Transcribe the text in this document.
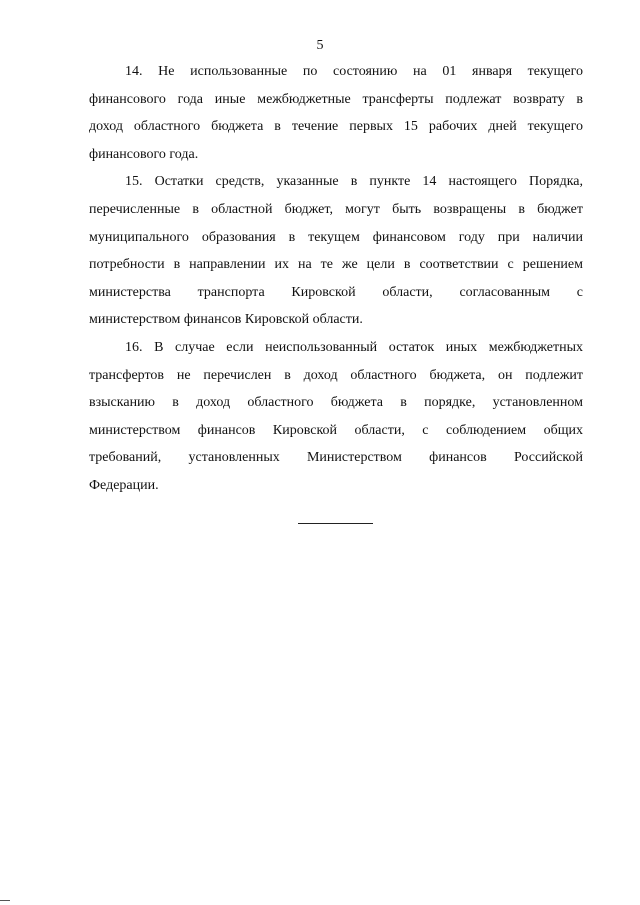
5
14. Не использованные по состоянию на 01 января текущего
финансового года иные межбюджетные трансферты подлежат возврату в
доход областного бюджета в течение первых 15 рабочих дней текущего
финансового года.
15. Остатки средств, указанные в пункте 14 настоящего Порядка,
перечисленные в областной бюджет, могут быть возвращены в бюджет
муниципального образования в текущем финансовом году при наличии
потребности в направлении их на те же цели в соответствии с решением
министерства транспорта Кировской области, согласованным с
министерством финансов Кировской области.
16. В случае если неиспользованный остаток иных межбюджетных
трансфертов не перечислен в доход областного бюджета, он подлежит
взысканию в доход областного бюджета в порядке, установленном
министерством финансов Кировской области, с соблюдением общих
требований, установленных Министерством финансов Российской
Федерации.
